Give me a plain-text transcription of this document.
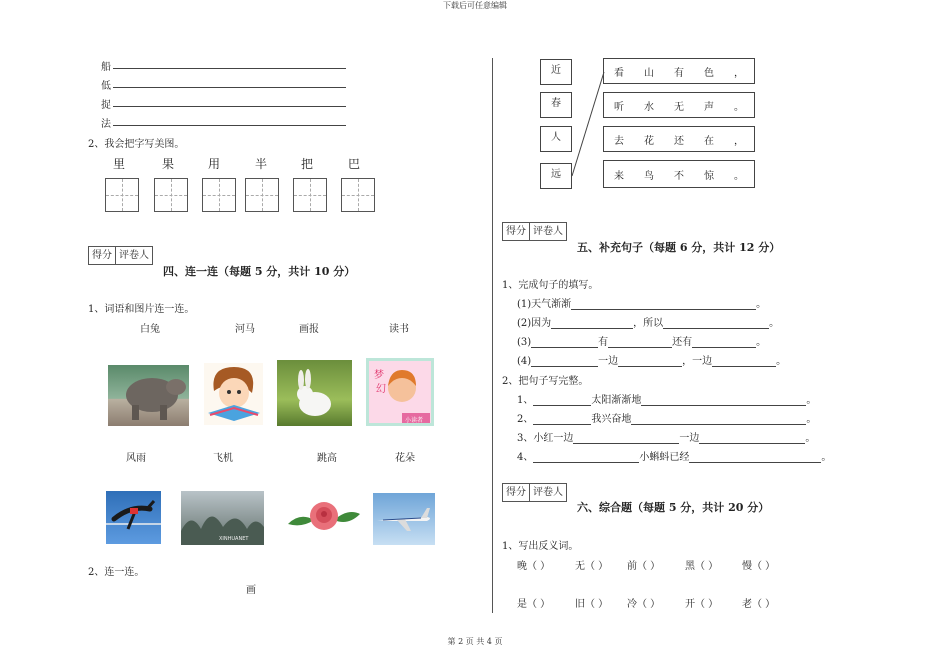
下载后可任意编辑
第 2 页 共 4 页
船
低
捉
法
2、我会把字写美图。
里	果	用	半	把	巴
得分 评卷人
四、连一连（每题 5 分，共计 10 分）
1、词语和图片连一连。
白兔	河马	画报	读书
梦
幻
小读者
风雨	飞机	跳高	花朵
XINHUANET
2、连一连。
画
近
春
人
远
看 山 有 色 ，
听 水 无 声 。
去 花 还 在 ，
来 鸟 不 惊 。
得分 评卷人
五、补充句子（每题 6 分，共计 12 分）
1、完成句子的填写。
(1)天气渐渐	。
(2)因为	，所以	。
(3)	有	还有	。
(4)	一边	，一边	。
2、把句子写完整。
1、	太阳渐渐地	。
2、	我兴奋地	。
3、小红一边	一边	。
4、	小蝌蚪已经	。
得分 评卷人
六、综合题（每题 5 分，共计 20 分）
1、写出反义词。
晚（ ） 无（ ） 前（ ） 黑（ ） 慢（ ）
是（ ） 旧（ ） 冷（ ） 开（ ） 老（ ）
